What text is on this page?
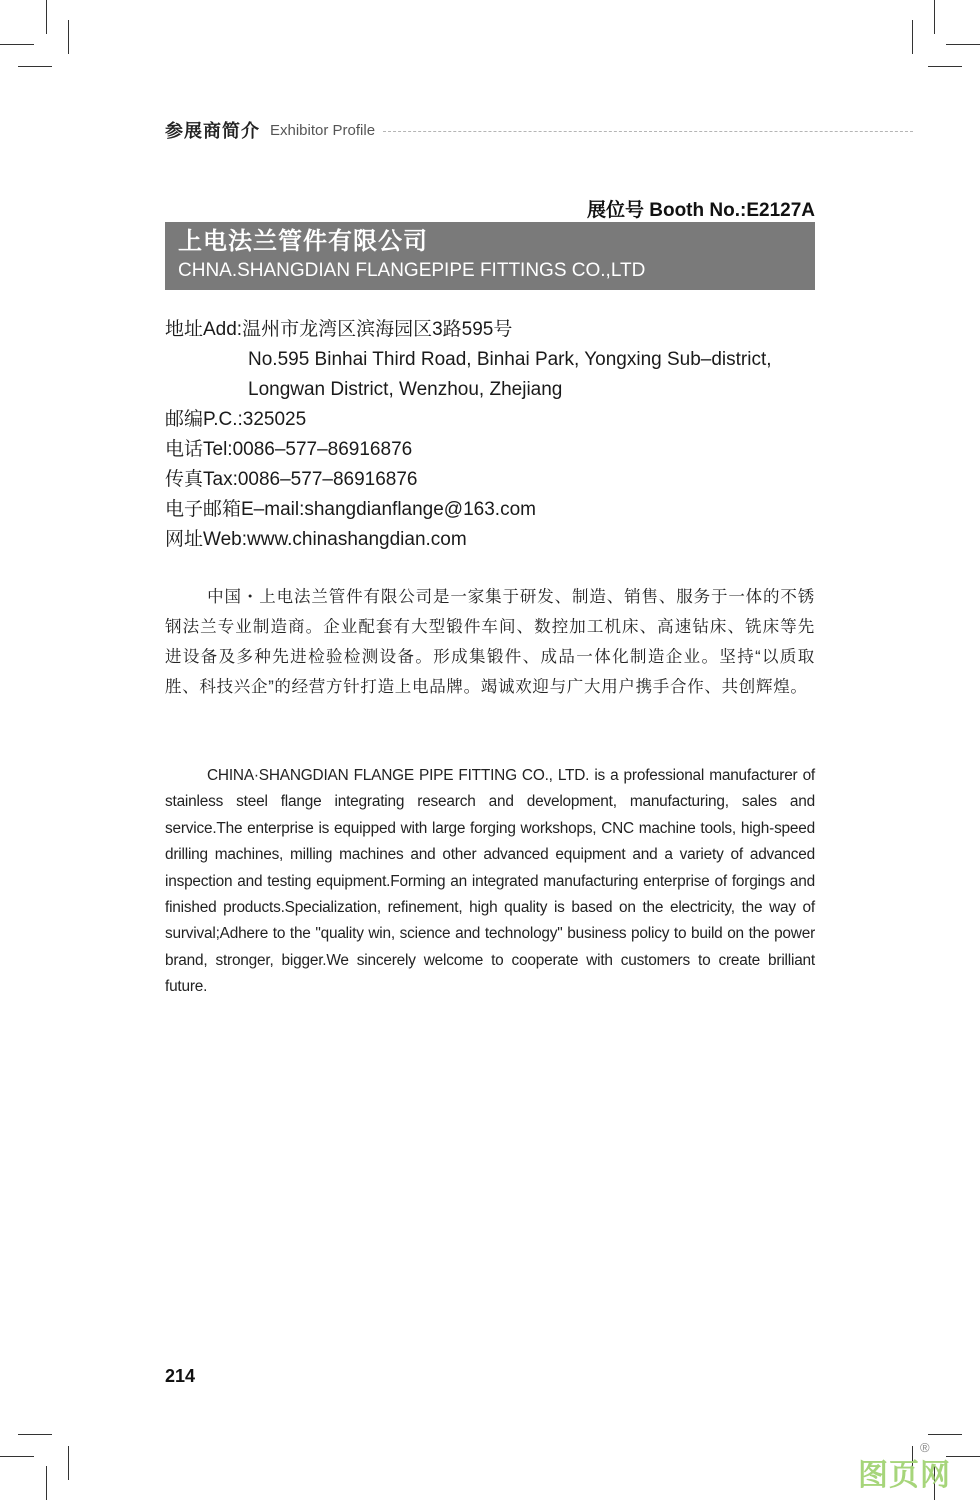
参展商简介 Exhibitor Profile
展位号 Booth No.:E2127A
上电法兰管件有限公司
CHNA.SHANGDIAN FLANGEPIPE FITTINGS CO.,LTD
地址Add:温州市龙湾区滨海园区3路595号
No.595 Binhai Third Road, Binhai Park, Yongxing Sub–district,
Longwan District, Wenzhou, Zhejiang
邮编P.C.:325025
电话Tel:0086–577–86916876
传真Tax:0086–577–86916876
电子邮箱E–mail:shangdianflange@163.com
网址Web:www.chinashangdian.com
中国・上电法兰管件有限公司是一家集于研发、制造、销售、服务于一体的不锈钢法兰专业制造商。企业配套有大型锻件车间、数控加工机床、高速钻床、铣床等先进设备及多种先进检验检测设备。形成集锻件、成品一体化制造企业。坚持“以质取胜、科技兴企”的经营方针打造上电品牌。竭诚欢迎与广大用户携手合作、共创辉煌。
CHINA·SHANGDIAN FLANGE PIPE FITTING CO., LTD. is a professional manufacturer of stainless steel flange integrating research and development, manufacturing, sales and service.The enterprise is equipped with large forging workshops, CNC machine tools, high-speed drilling machines, milling machines and other advanced equipment and a variety of advanced inspection and testing equipment.Forming an integrated manufacturing enterprise of forgings and finished products.Specialization, refinement, high quality is based on the electricity, the way of survival;Adhere to the "quality win, science and technology" business policy to build on the power brand, stronger, bigger.We sincerely welcome to cooperate with customers to create brilliant future.
214
图页网
®
